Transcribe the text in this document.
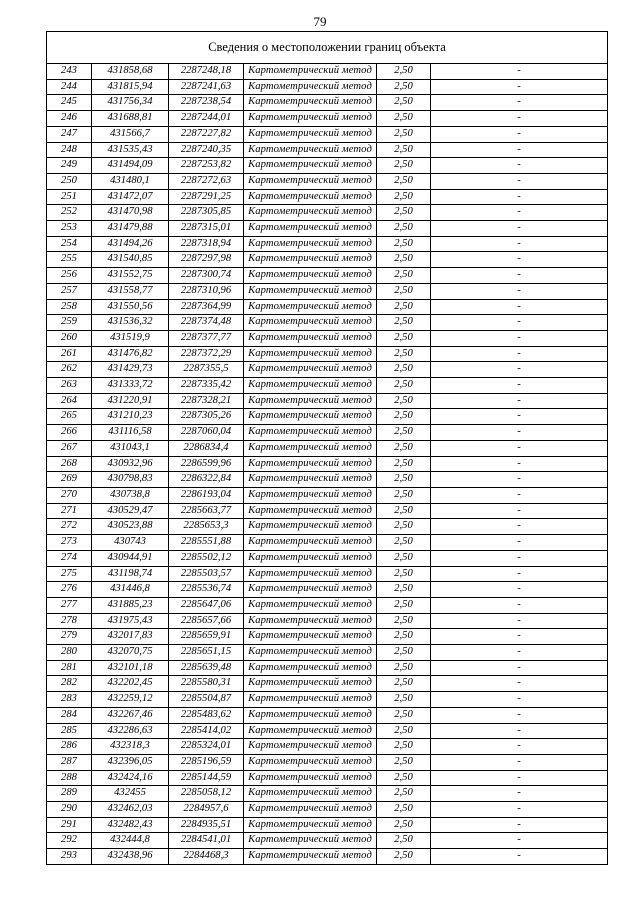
79
Сведения о местоположении границ объекта					
243	431858,68	2287248,18	Картометрический метод	2,50	-
244	431815,94	2287241,63	Картометрический метод	2,50	-
245	431756,34	2287238,54	Картометрический метод	2,50	-
246	431688,81	2287244,01	Картометрический метод	2,50	-
247	431566,7	2287227,82	Картометрический метод	2,50	-
248	431535,43	2287240,35	Картометрический метод	2,50	-
249	431494,09	2287253,82	Картометрический метод	2,50	-
250	431480,1	2287272,63	Картометрический метод	2,50	-
251	431472,07	2287291,25	Картометрический метод	2,50	-
252	431470,98	2287305,85	Картометрический метод	2,50	-
253	431479,88	2287315,01	Картометрический метод	2,50	-
254	431494,26	2287318,94	Картометрический метод	2,50	-
255	431540,85	2287297,98	Картометрический метод	2,50	-
256	431552,75	2287300,74	Картометрический метод	2,50	-
257	431558,77	2287310,96	Картометрический метод	2,50	-
258	431550,56	2287364,99	Картометрический метод	2,50	-
259	431536,32	2287374,48	Картометрический метод	2,50	-
260	431519,9	2287377,77	Картометрический метод	2,50	-
261	431476,82	2287372,29	Картометрический метод	2,50	-
262	431429,73	2287355,5	Картометрический метод	2,50	-
263	431333,72	2287335,42	Картометрический метод	2,50	-
264	431220,91	2287328,21	Картометрический метод	2,50	-
265	431210,23	2287305,26	Картометрический метод	2,50	-
266	431116,58	2287060,04	Картометрический метод	2,50	-
267	431043,1	2286834,4	Картометрический метод	2,50	-
268	430932,96	2286599,96	Картометрический метод	2,50	-
269	430798,83	2286322,84	Картометрический метод	2,50	-
270	430738,8	2286193,04	Картометрический метод	2,50	-
271	430529,47	2285663,77	Картометрический метод	2,50	-
272	430523,88	2285653,3	Картометрический метод	2,50	-
273	430743	2285551,88	Картометрический метод	2,50	-
274	430944,91	2285502,12	Картометрический метод	2,50	-
275	431198,74	2285503,57	Картометрический метод	2,50	-
276	431446,8	2285536,74	Картометрический метод	2,50	-
277	431885,23	2285647,06	Картометрический метод	2,50	-
278	431975,43	2285657,66	Картометрический метод	2,50	-
279	432017,83	2285659,91	Картометрический метод	2,50	-
280	432070,75	2285651,15	Картометрический метод	2,50	-
281	432101,18	2285639,48	Картометрический метод	2,50	-
282	432202,45	2285580,31	Картометрический метод	2,50	-
283	432259,12	2285504,87	Картометрический метод	2,50	-
284	432267,46	2285483,62	Картометрический метод	2,50	-
285	432286,63	2285414,02	Картометрический метод	2,50	-
286	432318,3	2285324,01	Картометрический метод	2,50	-
287	432396,05	2285196,59	Картометрический метод	2,50	-
288	432424,16	2285144,59	Картометрический метод	2,50	-
289	432455	2285058,12	Картометрический метод	2,50	-
290	432462,03	2284957,6	Картометрический метод	2,50	-
291	432482,43	2284935,51	Картометрический метод	2,50	-
292	432444,8	2284541,01	Картометрический метод	2,50	-
293	432438,96	2284468,3	Картометрический метод	2,50	-
